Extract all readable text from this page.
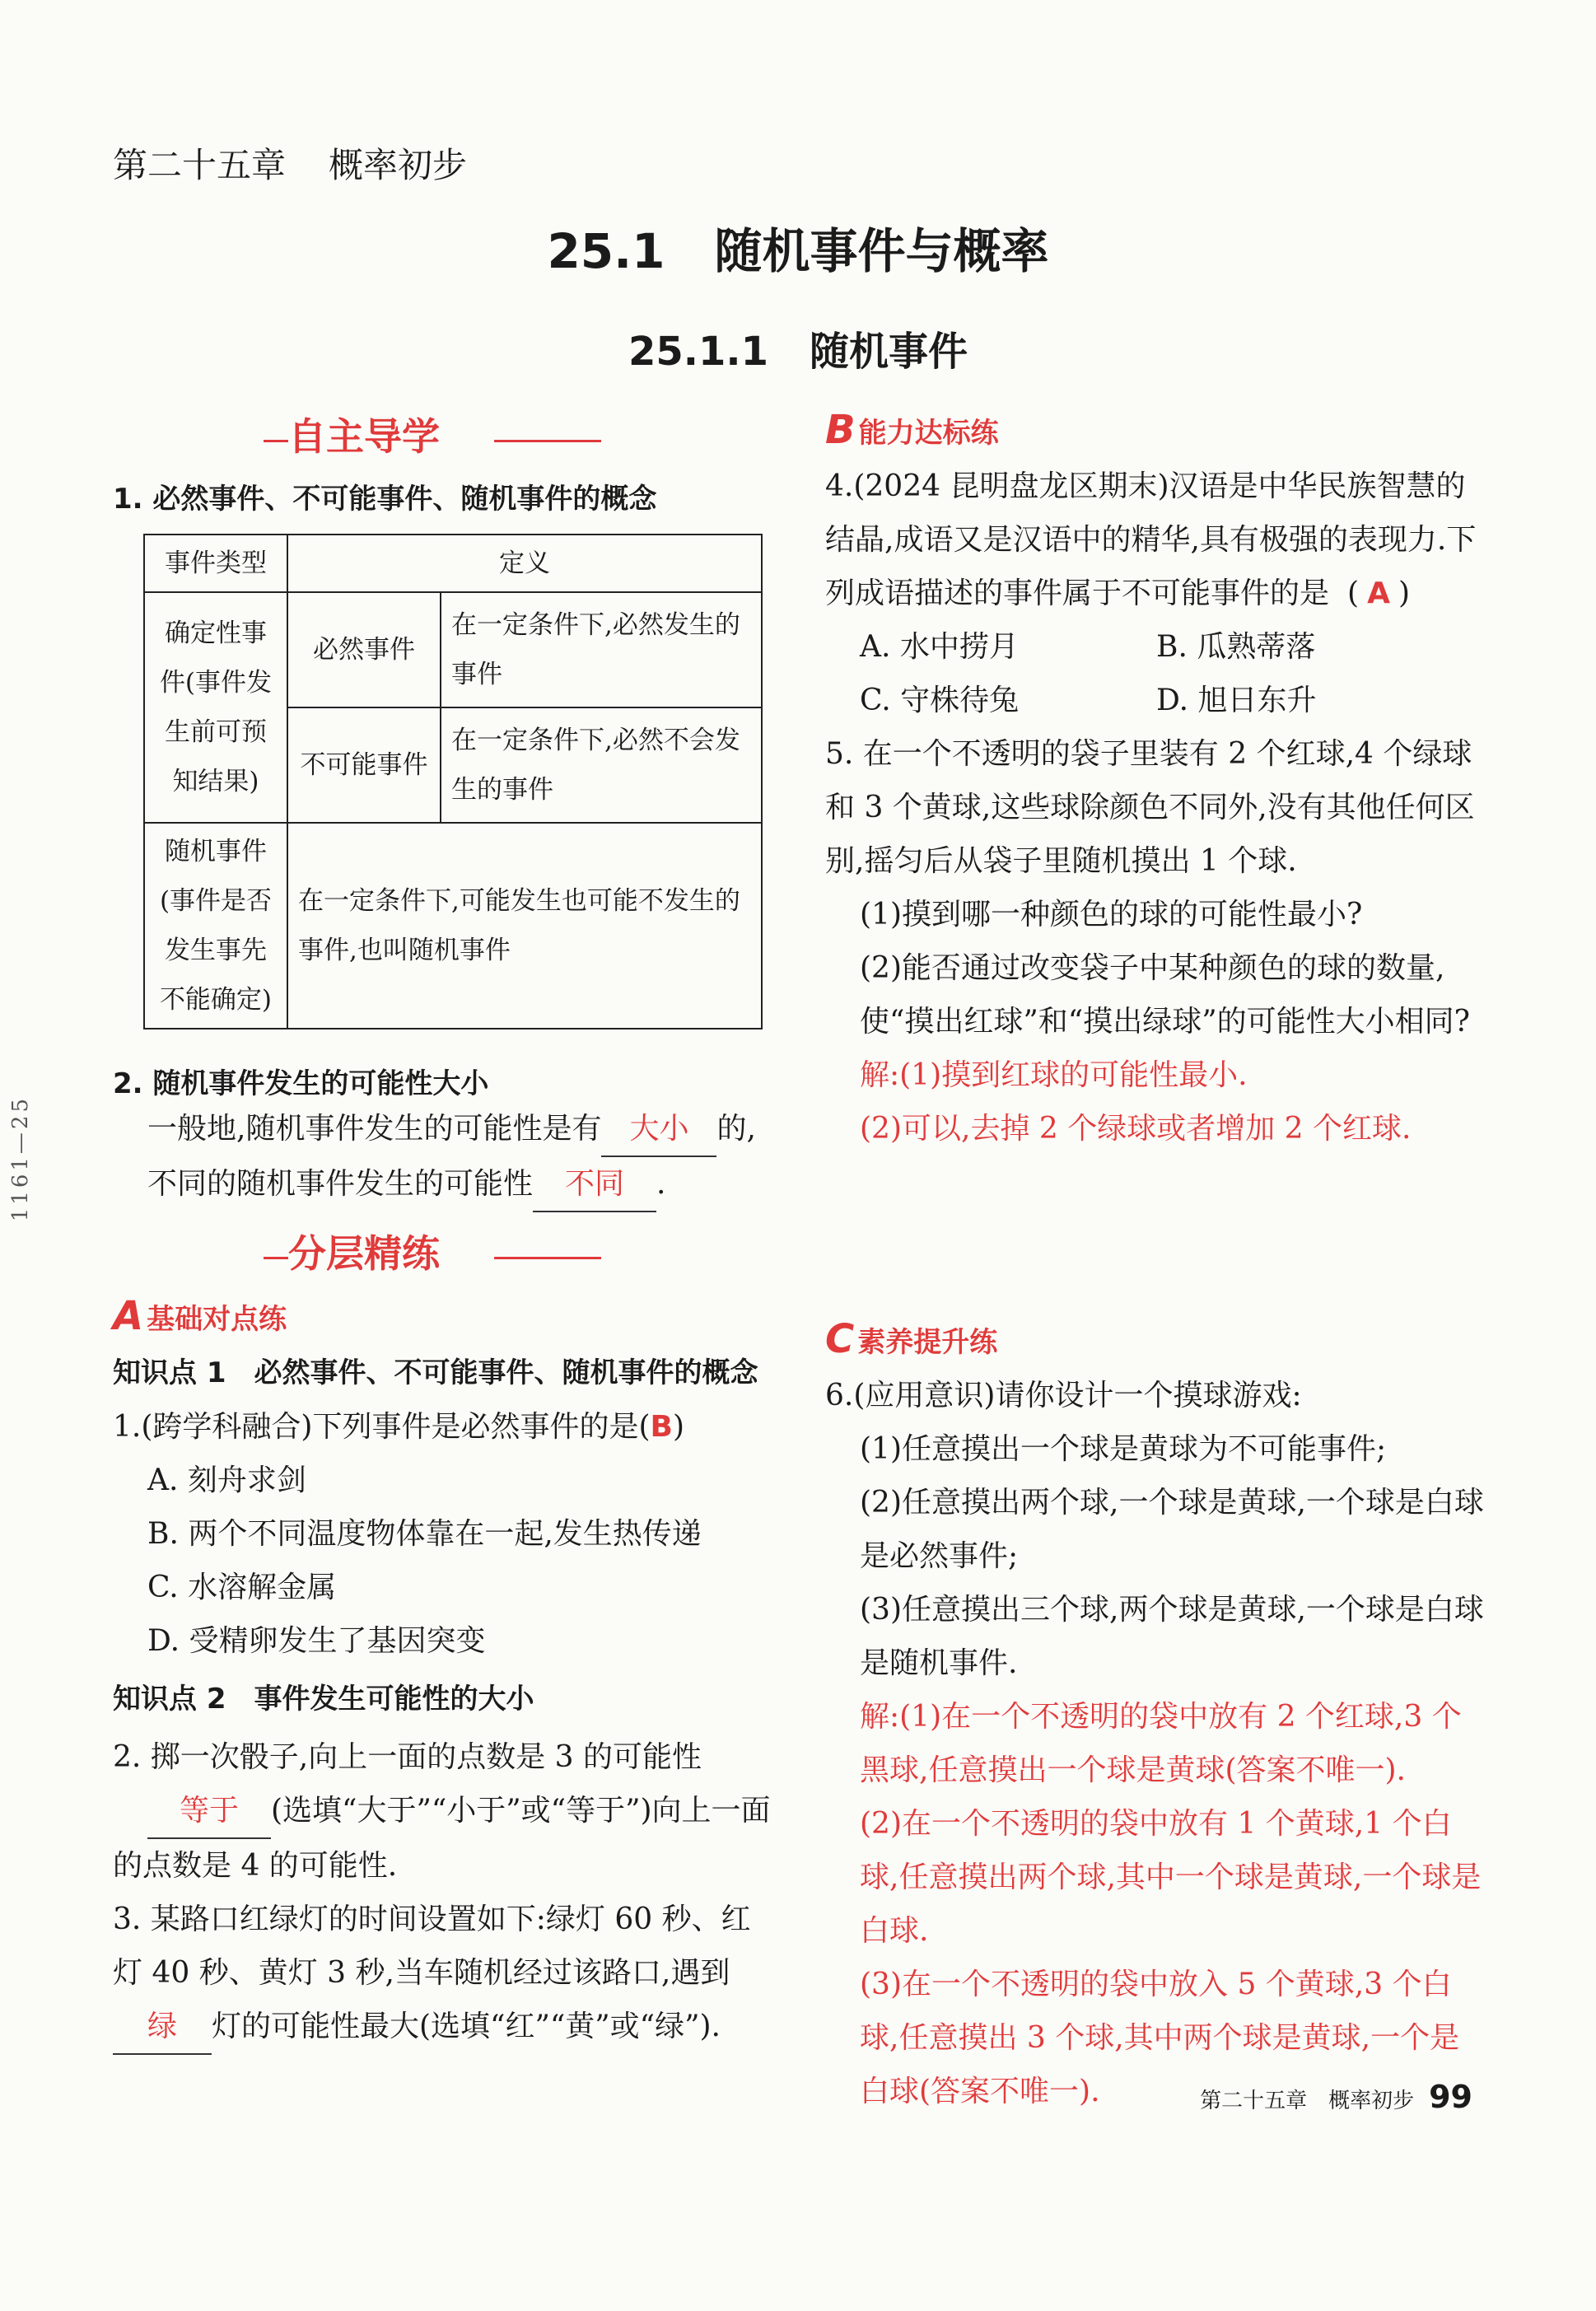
第二十五章 概率初步
25.1 随机事件与概率
25.1.1 随机事件
1161—25
自主导学
1. 必然事件、不可能事件、随机事件的概念
事件类型	定义	
确定性事件(事件发生前可预知结果)	必然事件	在一定条件下,必然发生的事件
	不可能事件	在一定条件下,必然不会发生的事件
随机事件(事件是否发生事先不能确定)	在一定条件下,可能发生也可能不发生的事件,也叫随机事件	
2. 随机事件发生的可能性大小

一般地,随机事件发生的可能性是有 大小 的,不同的随机事件发生的可能性 不同 .

分层精练
A 基础对点练

知识点 1　必然事件、不可能事件、随机事件的概念

1.(跨学科融合)下列事件是必然事件的是(B)

A. 刻舟求剑

B. 两个不同温度物体靠在一起,发生热传递

C. 水溶解金属

D. 受精卵发生了基因突变

知识点 2　事件发生可能性的大小

2. 掷一次骰子,向上一面的点数是 3 的可能性等于 (选填“大于”“小于”或“等于”)向上一面的点数是 4 的可能性.

3. 某路口红绿灯的时间设置如下:绿灯 60 秒、红灯 40 秒、黄灯 3 秒,当车随机经过该路口,遇到绿 灯的可能性最大(选填“红”“黄”或“绿”).

B 能力达标练

4.(2024 昆明盘龙区期末)汉语是中华民族智慧的结晶,成语又是汉语中的精华,具有极强的表现力.下列成语描述的事件属于不可能事件的是 ( A )

A. 水中捞月	B. 瓜熟蒂落
C. 守株待兔	D. 旭日东升

5. 在一个不透明的袋子里装有 2 个红球,4 个绿球和 3 个黄球,这些球除颜色不同外,没有其他任何区别,摇匀后从袋子里随机摸出 1 个球.

(1)摸到哪一种颜色的球的可能性最小?

(2)能否通过改变袋子中某种颜色的球的数量,使“摸出红球”和“摸出绿球”的可能性大小相同?

解:(1)摸到红球的可能性最小.

(2)可以,去掉 2 个绿球或者增加 2 个红球.

C 素养提升练

6.(应用意识)请你设计一个摸球游戏:

(1)任意摸出一个球是黄球为不可能事件;

(2)任意摸出两个球,一个球是黄球,一个球是白球是必然事件;

(3)任意摸出三个球,两个球是黄球,一个球是白球是随机事件.

解:(1)在一个不透明的袋中放有 2 个红球,3 个黑球,任意摸出一个球是黄球(答案不唯一).

(2)在一个不透明的袋中放有 1 个黄球,1 个白球,任意摸出两个球,其中一个球是黄球,一个球是白球.

(3)在一个不透明的袋中放入 5 个黄球,3 个白球,任意摸出 3 个球,其中两个球是黄球,一个是白球(答案不唯一).	第二十五章　概率初步 99
